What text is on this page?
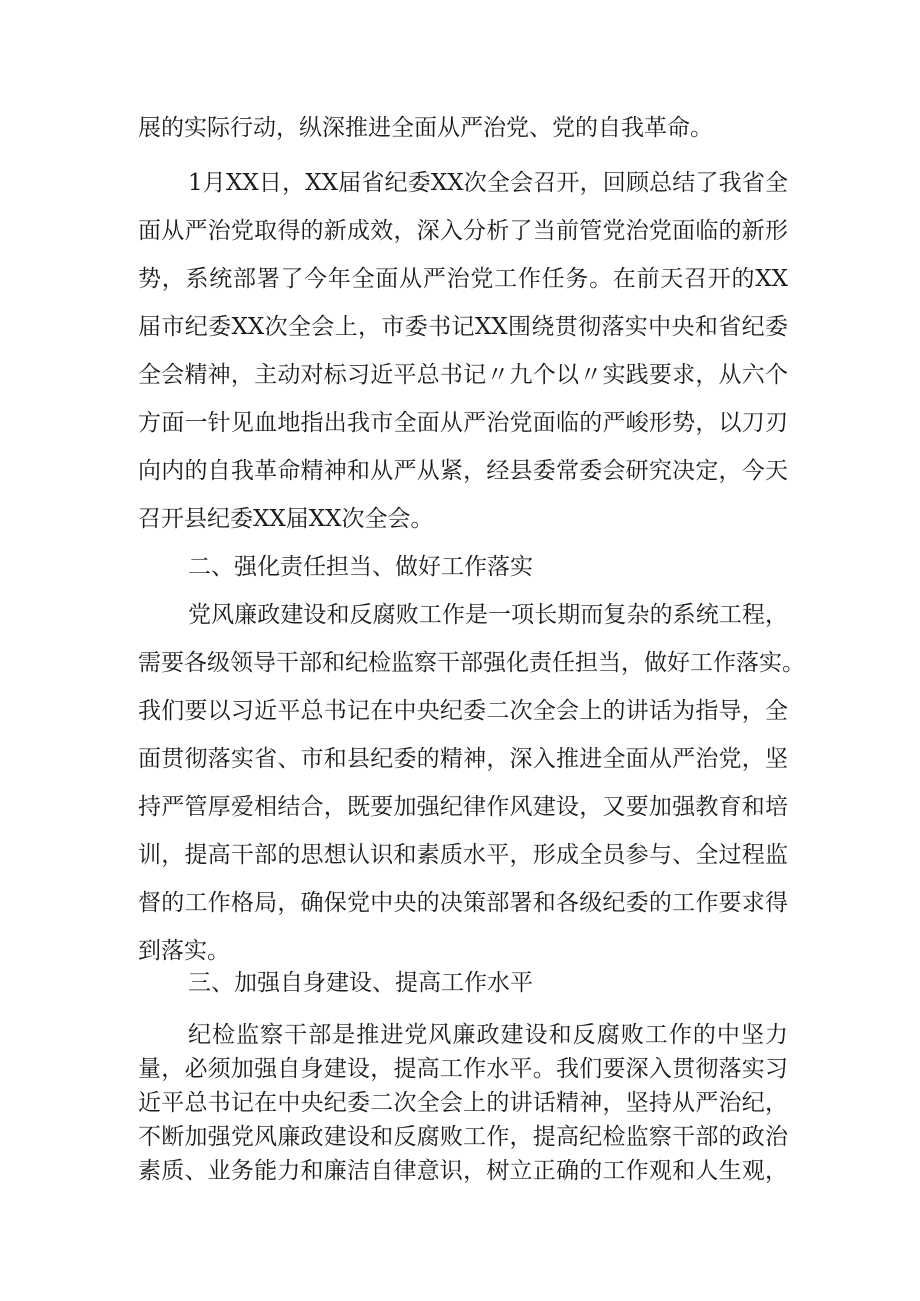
展的实际行动，纵深推进全面从严治党、党的自我革命。
1月XX日，XX届省纪委XX次全会召开，回顾总结了我省全
面从严治党取得的新成效，深入分析了当前管党治党面临的新形
势，系统部署了今年全面从严治党工作任务。在前天召开的XX
届市纪委XX次全会上，市委书记XX围绕贯彻落实中央和省纪委
全会精神，主动对标习近平总书记〃九个以〃实践要求，从六个
方面一针见血地指出我市全面从严治党面临的严峻形势，以刀刃
向内的自我革命精神和从严从紧，经县委常委会研究决定，今天
召开县纪委XX届XX次全会。
二、强化责任担当、做好工作落实
党风廉政建设和反腐败工作是一项长期而复杂的系统工程，
需要各级领导干部和纪检监察干部强化责任担当，做好工作落实。
我们要以习近平总书记在中央纪委二次全会上的讲话为指导，全
面贯彻落实省、市和县纪委的精神，深入推进全面从严治党，坚
持严管厚爱相结合，既要加强纪律作风建设，又要加强教育和培
训，提高干部的思想认识和素质水平，形成全员参与、全过程监
督的工作格局，确保党中央的决策部署和各级纪委的工作要求得
到落实。
三、加强自身建设、提高工作水平
纪检监察干部是推进党风廉政建设和反腐败工作的中坚力
量，必须加强自身建设，提高工作水平。我们要深入贯彻落实习
近平总书记在中央纪委二次全会上的讲话精神，坚持从严治纪，
不断加强党风廉政建设和反腐败工作，提高纪检监察干部的政治
素质、业务能力和廉洁自律意识，树立正确的工作观和人生观，
